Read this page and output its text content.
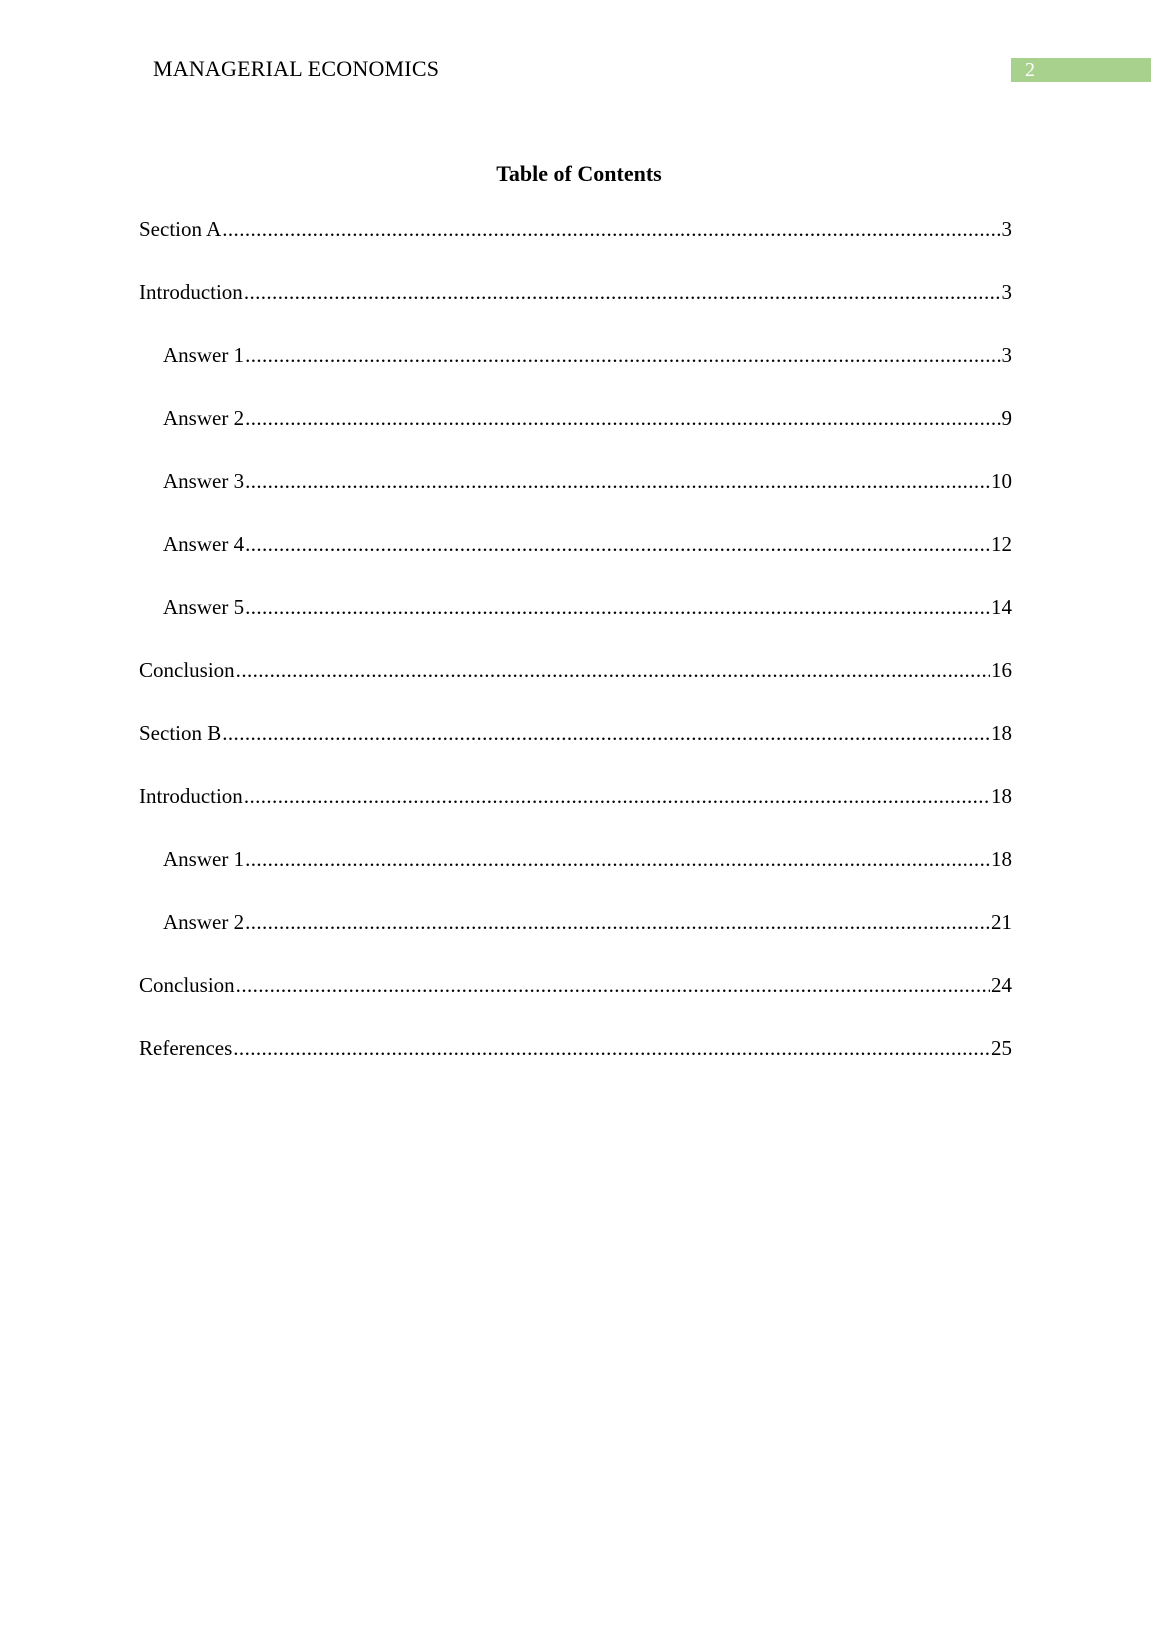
MANAGERIAL ECONOMICS	2
Table of Contents
Section A .....	3
Introduction .....	3
Answer 1 .....	3
Answer 2 .....	9
Answer 3 .....	10
Answer 4 .....	12
Answer 5 .....	14
Conclusion .....	16
Section B .....	18
Introduction .....	18
Answer 1 .....	18
Answer 2 .....	21
Conclusion .....	24
References .....	25
